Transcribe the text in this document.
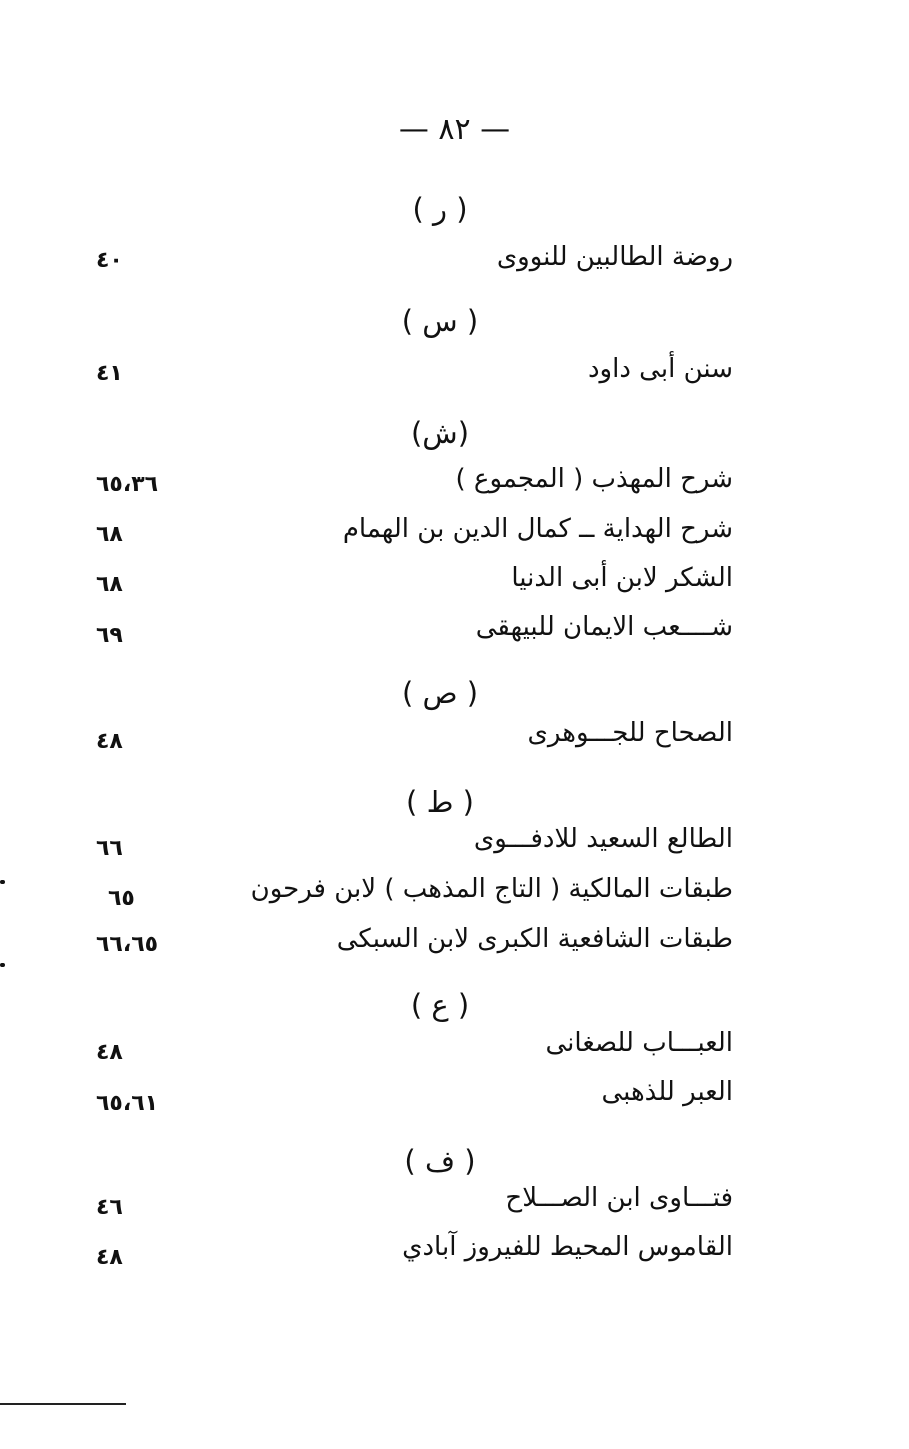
— ٨٢ —
( ر )
روضة الطالبين للنووى
٤٠
( س )
سنن أبى داود
٤١
(ش)
شرح المهذب ( المجموع )
٦٥،٣٦
شرح الهداية ــ كمال الدين بن الهمام
٦٨
الشكر لابن أبى الدنيا
٦٨
شــــعب الايمان للبيهقى
٦٩
( ص )
الصحاح للجـــوهرى
٤٨
( ط )
الطالع السعيد للادفـــوى
٦٦
طبقات المالكية ( التاج المذهب ) لابن فرحون
٦٥
طبقات الشافعية الكبرى لابن السبكى
٦٦،٦٥
( ع )
العبـــاب للصغانى
٤٨
العبر للذهبى
٦٥،٦١
( ف )
فتـــاوى ابن الصـــلاح
٤٦
القاموس المحيط للفيروز آبادي
٤٨
